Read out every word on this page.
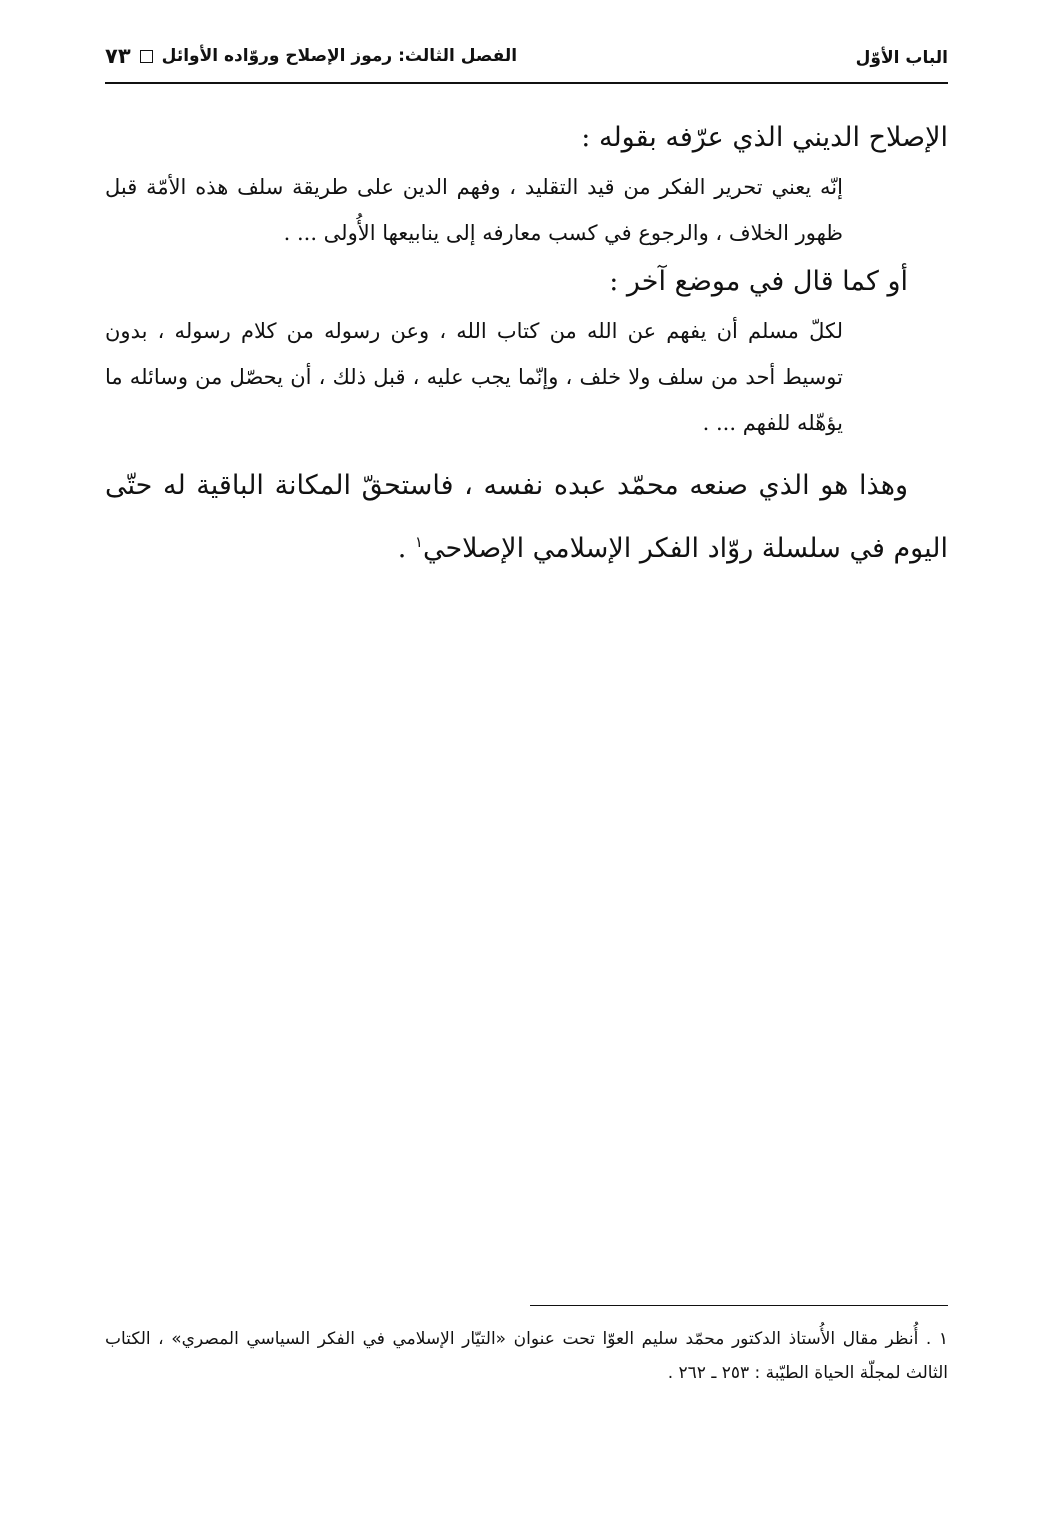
الباب الأوّل
الفصل الثالث: رموز الإصلاح وروّاده الأوائل٧٣

الإصلاح الديني الذي عرّفه بقوله :

إنّه يعني تحرير الفكر من قيد التقليد ، وفهم الدين على طريقة سلف هذه الأمّة قبل ظهور الخلاف ، والرجوع في كسب معارفه إلى ينابيعها الأُولى ... .

أو كما قال في موضع آخر :

لكلّ مسلم أن يفهم عن الله من كتاب الله ، وعن رسوله من كلام رسوله ، بدون توسيط أحد من سلف ولا خلف ، وإنّما يجب عليه ، قبل ذلك ، أن يحصّل من وسائله ما يؤهّله للفهم ... .

وهذا هو الذي صنعه محمّد عبده نفسه ، فاستحقّ المكانة الباقية له حتّى اليوم في سلسلة روّاد الفكر الإسلامي الإصلاحي$^١$ .

١ . أُنظر مقال الأُستاذ الدكتور محمّد سليم العوّا تحت عنوان «التيّار الإسلامي في الفكر السياسي المصري» ، الكتاب الثالث لمجلّة الحياة الطيّبة : ٢٥٣ ـ ٢٦٢ .
